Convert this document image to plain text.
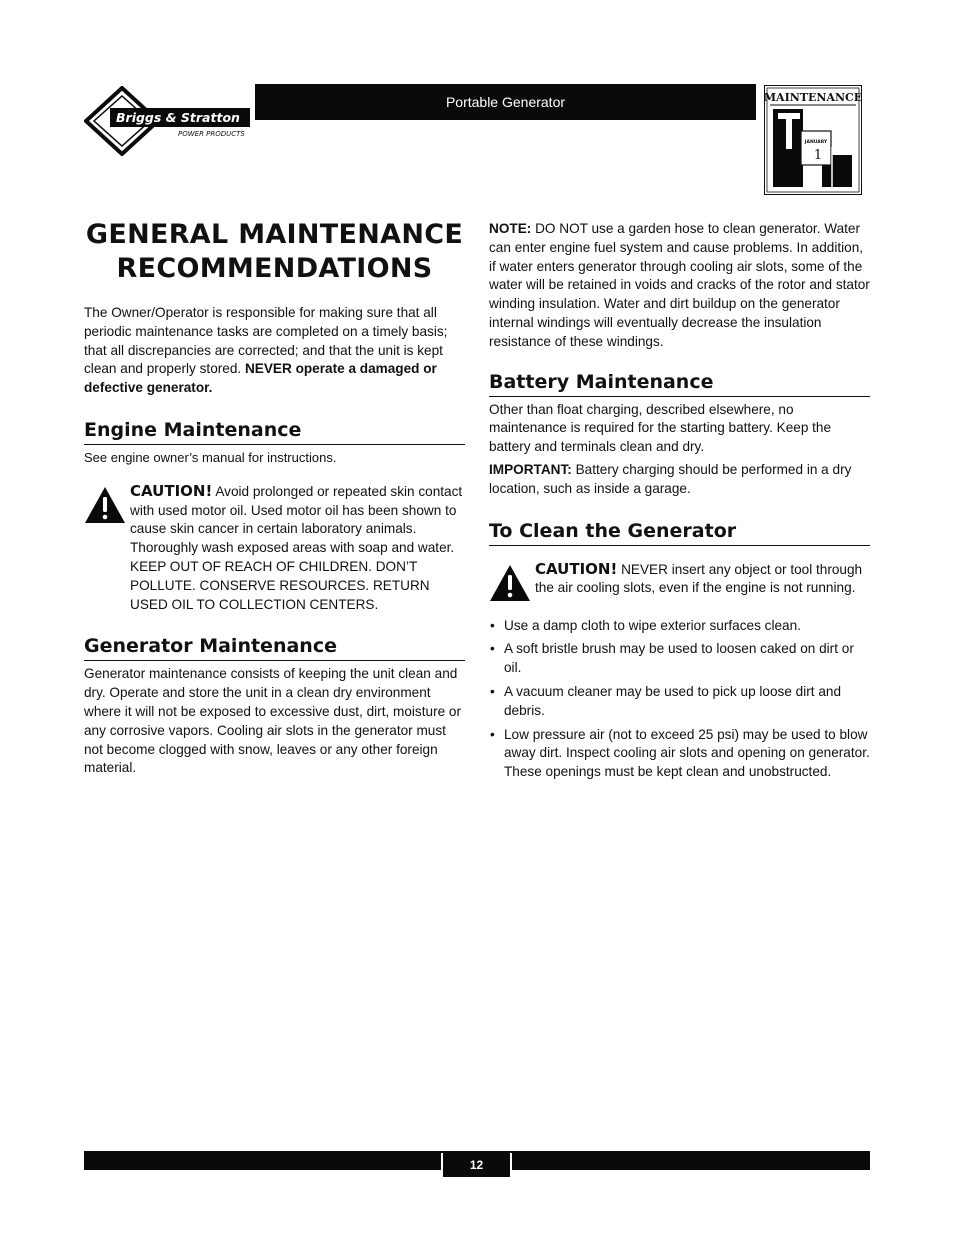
Briggs & Stratton
POWER PRODUCTS
Portable Generator	MAINTENANCE
JANUARY
1
GENERAL MAINTENANCE
RECOMMENDATIONS

The Owner/Operator is responsible for making sure that all periodic maintenance tasks are completed on a timely basis; that all discrepancies are corrected; and that the unit is kept clean and properly stored. NEVER operate a damaged or defective generator.

Engine Maintenance

See engine owner’s manual for instructions.

CAUTION! Avoid prolonged or repeated skin contact with used motor oil. Used motor oil has been shown to cause skin cancer in certain laboratory animals. Thoroughly wash exposed areas with soap and water.

KEEP OUT OF REACH OF CHILDREN. DON’T POLLUTE. CONSERVE RESOURCES. RETURN USED OIL TO COLLECTION CENTERS.

Generator Maintenance

Generator maintenance consists of keeping the unit clean and dry. Operate and store the unit in a clean dry environment where it will not be exposed to excessive dust, dirt, moisture or any corrosive vapors. Cooling air slots in the generator must not become clogged with snow, leaves or any other foreign material.

NOTE: DO NOT use a garden hose to clean generator. Water can enter engine fuel system and cause problems. In addition, if water enters generator through cooling air slots, some of the water will be retained in voids and cracks of the rotor and stator winding insulation. Water and dirt buildup on the generator internal windings will eventually decrease the insulation resistance of these windings.

Battery Maintenance

Other than float charging, described elsewhere, no maintenance is required for the starting battery. Keep the battery and terminals clean and dry.

IMPORTANT: Battery charging should be performed in a dry location, such as inside a garage.

To Clean the Generator

CAUTION! NEVER insert any object or tool through the air cooling slots, even if the engine is not running.

• Use a damp cloth to wipe exterior surfaces clean.
• A soft bristle brush may be used to loosen caked on dirt or oil.
• A vacuum cleaner may be used to pick up loose dirt and debris.
• Low pressure air (not to exceed 25 psi) may be used to blow away dirt. Inspect cooling air slots and opening on generator. These openings must be kept clean and unobstructed.
12
